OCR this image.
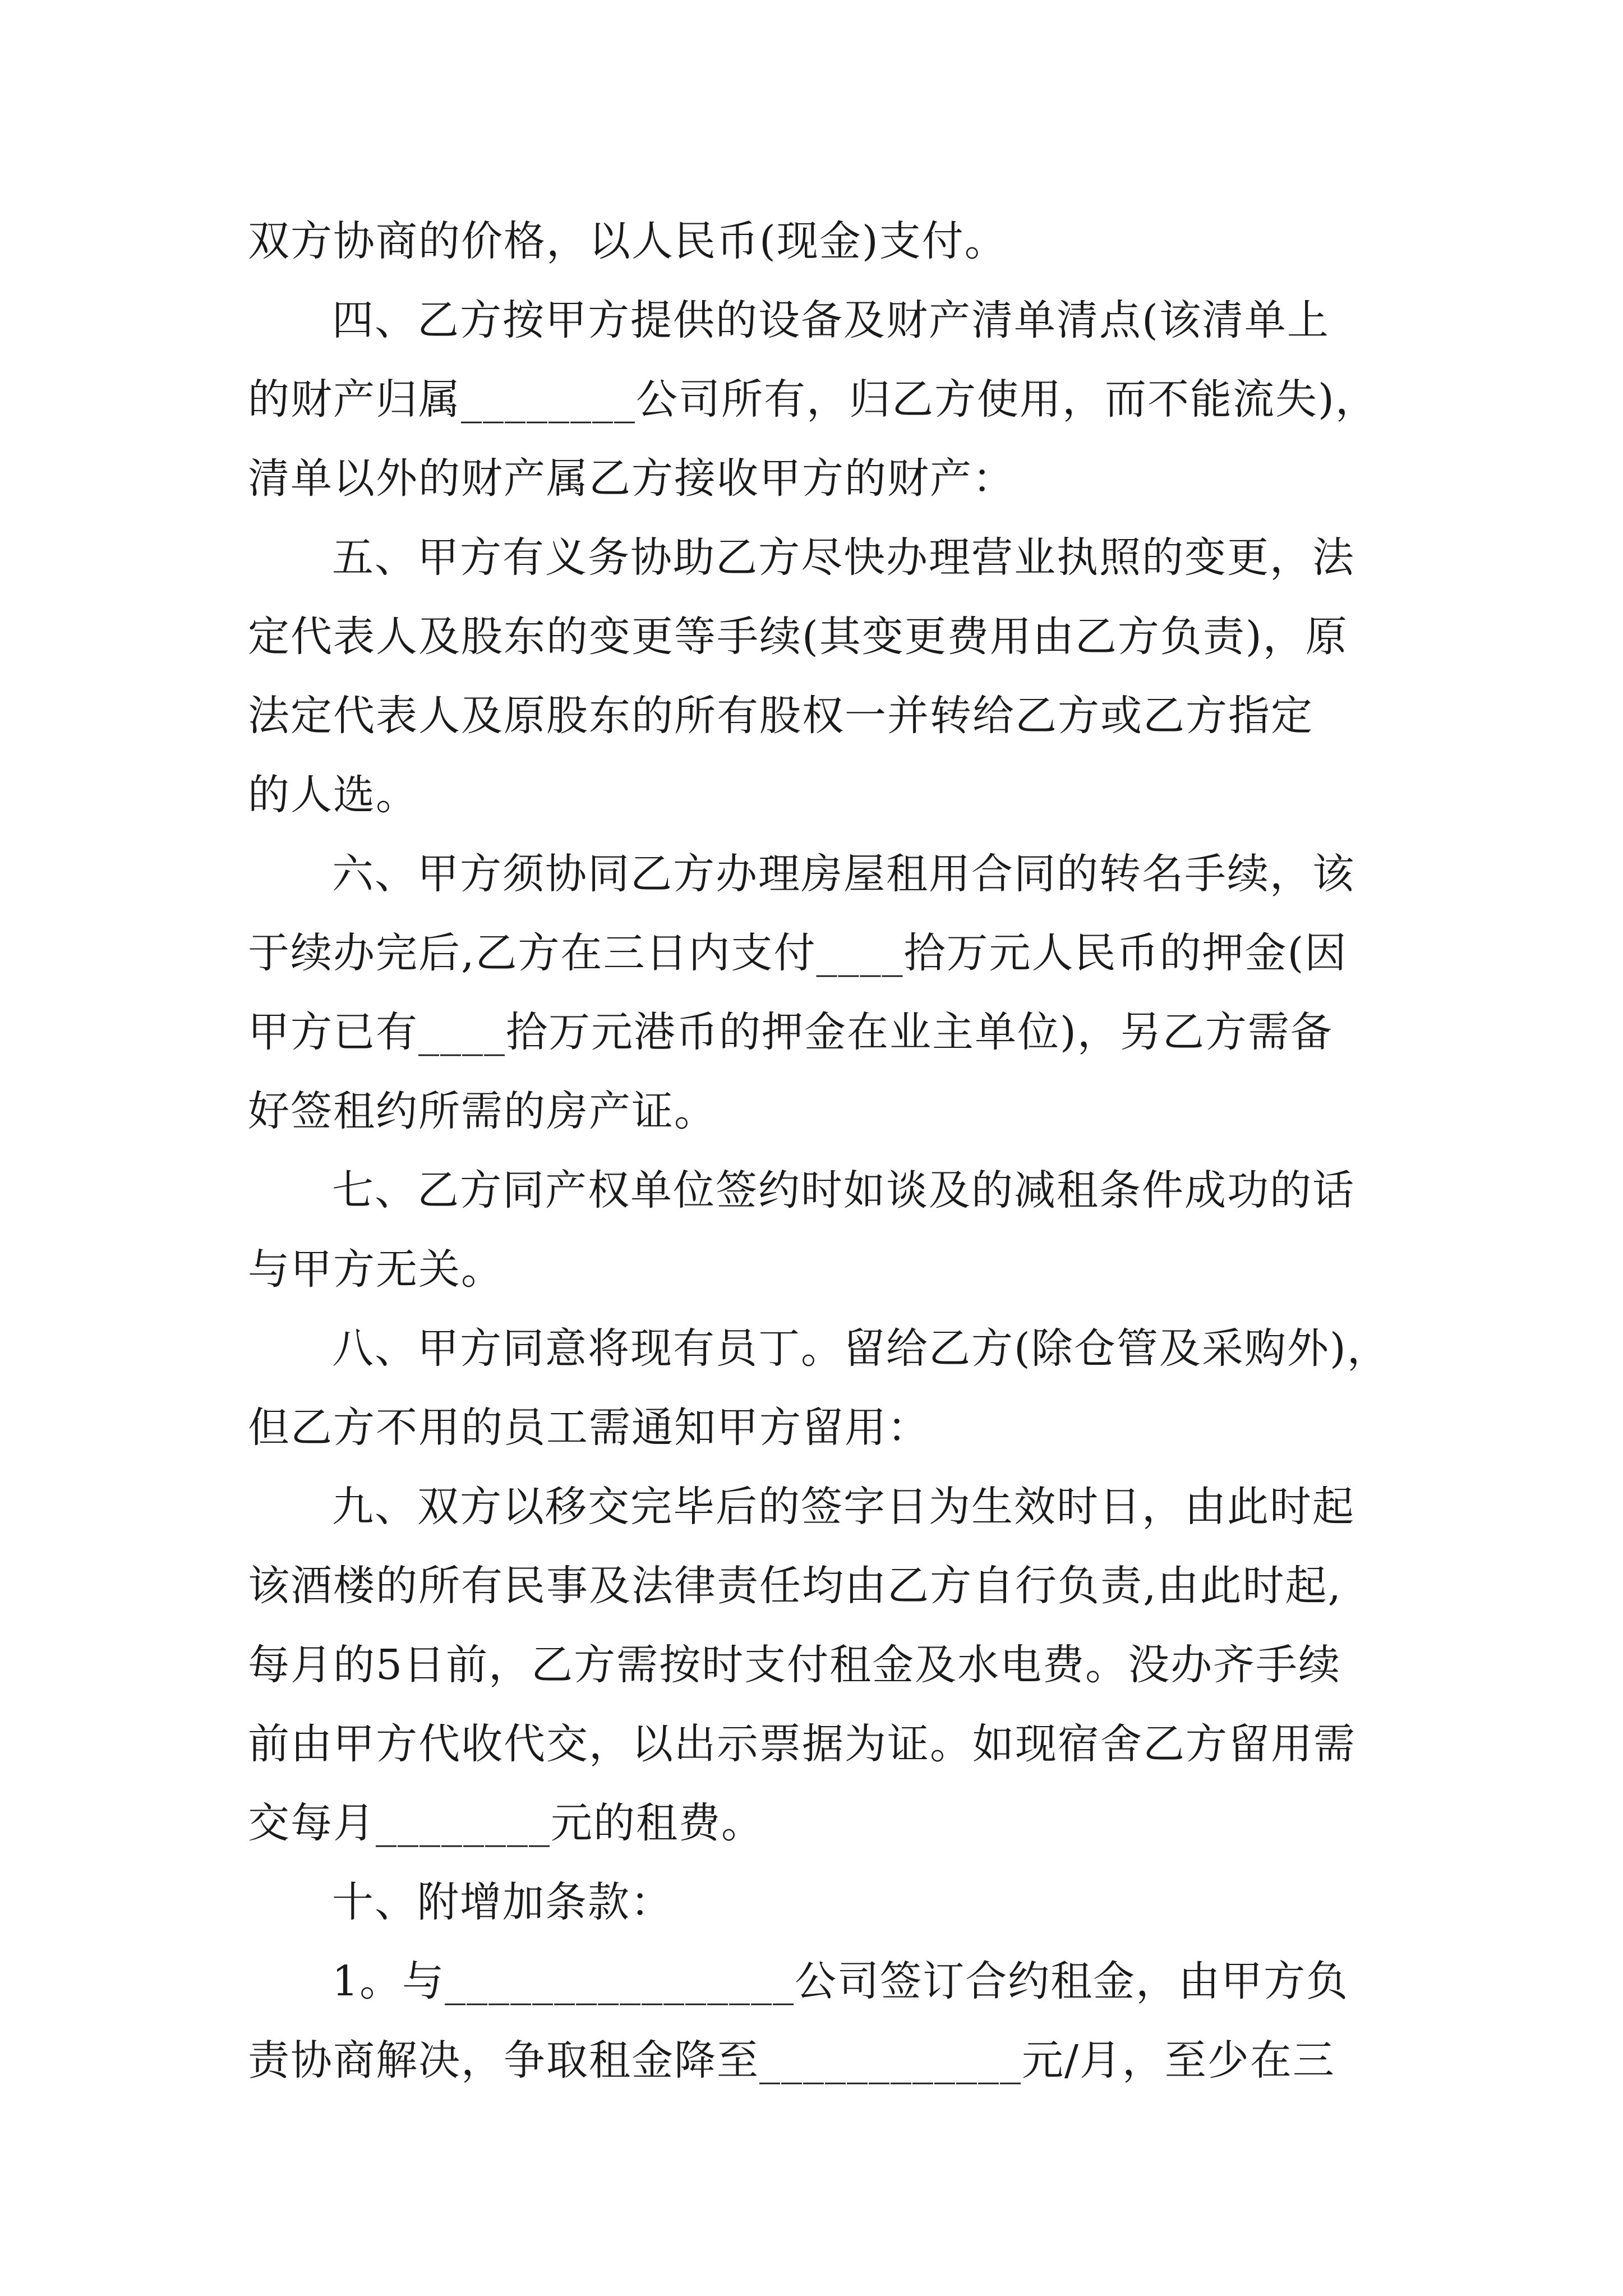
双方协商的价格，以人民币(现金)支付。
四、乙方按甲方提供的设备及财产清单清点(该清单上
的财产归属________公司所有，归乙方使用，而不能流失)，
清单以外的财产属乙方接收甲方的财产：
五、甲方有义务协助乙方尽快办理营业执照的变更，法
定代表人及股东的变更等手续(其变更费用由乙方负责)，原
法定代表人及原股东的所有股权一并转给乙方或乙方指定
的人选。
六、甲方须协同乙方办理房屋租用合同的转名手续，该
于续办完后,乙方在三日内支付____拾万元人民币的押金(因
甲方已有____拾万元港币的押金在业主单位)，另乙方需备
好签租约所需的房产证。
七、乙方同产权单位签约时如谈及的减租条件成功的话
与甲方无关。
八、甲方同意将现有员丁。留给乙方(除仓管及采购外)，
但乙方不用的员工需通知甲方留用：
九、双方以移交完毕后的签字日为生效时日，由此时起
该酒楼的所有民事及法律责任均由乙方自行负责,由此时起,
每月的5日前，乙方需按时支付租金及水电费。没办齐手续
前由甲方代收代交，以出示票据为证。如现宿舍乙方留用需
交每月________元的租费。
十、附增加条款：
1。与________________公司签订合约租金，由甲方负
责协商解决，争取租金降至____________元/月，至少在三
